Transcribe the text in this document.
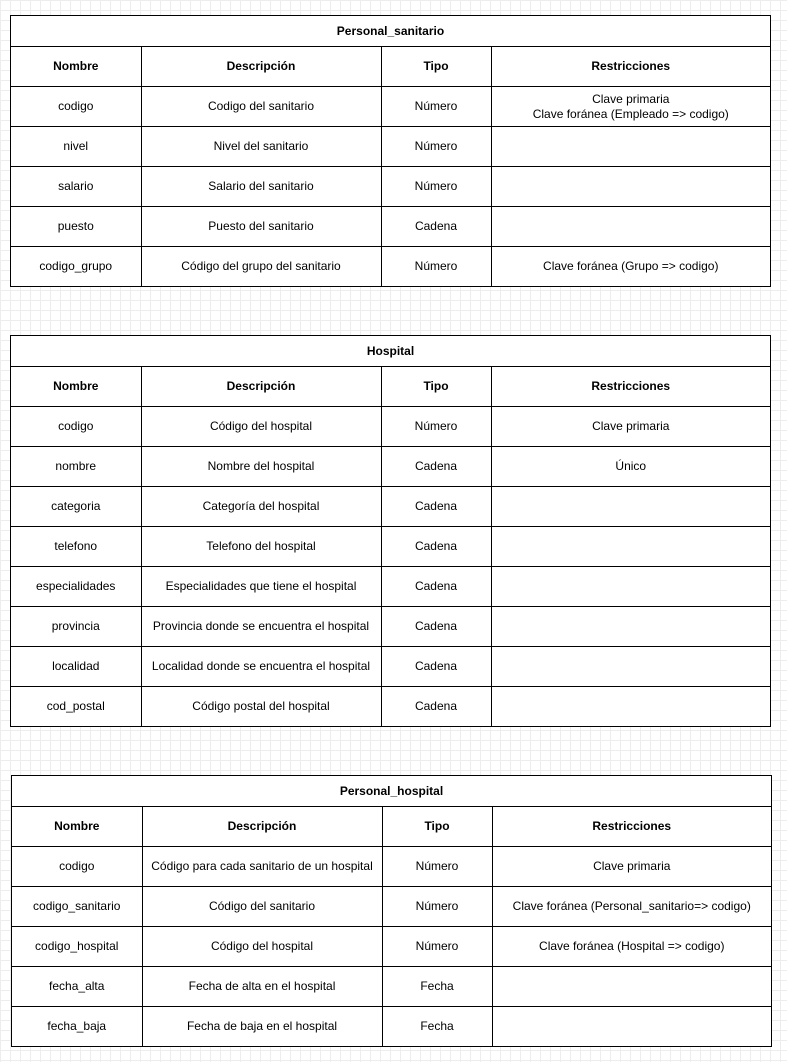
Personal_sanitario
Nombre	Descripción	Tipo	Restricciones
codigo	Codigo del sanitario	Número	Clave primaria
Clave foránea (Empleado => codigo)

nivel	Nivel del sanitario	Número	
salario	Salario del sanitario	Número	
puesto	Puesto del sanitario	Cadena	
codigo_grupo	Código del grupo del sanitario	Número	Clave foránea (Grupo => codigo)
Hospital
Nombre	Descripción	Tipo	Restricciones
codigo	Código del hospital	Número	Clave primaria
nombre	Nombre del hospital	Cadena	Único
categoria	Categoría del hospital	Cadena	
telefono	Telefono del hospital	Cadena	
especialidades	Especialidades que tiene el hospital	Cadena	
provincia	Provincia donde se encuentra el hospital	Cadena	
localidad	Localidad donde se encuentra el hospital	Cadena	
cod_postal	Código postal del hospital	Cadena	
Personal_hospital
Nombre	Descripción	Tipo	Restricciones
codigo	Código para cada sanitario de un hospital	Número	Clave primaria
codigo_sanitario	Código del sanitario	Número	Clave foránea (Personal_sanitario=> codigo)
codigo_hospital	Código del hospital	Número	Clave foránea (Hospital => codigo)
fecha_alta	Fecha de alta en el hospital	Fecha	
fecha_baja	Fecha de baja en el hospital	Fecha	
